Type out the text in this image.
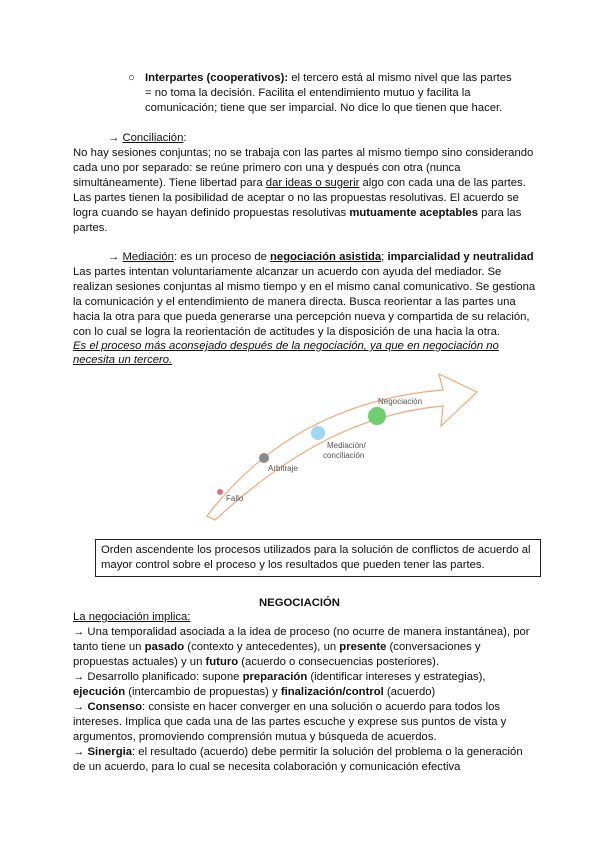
○ Interpartes (cooperativos): el tercero está al mismo nivel que las partes
= no toma la decisión. Facilita el entendimiento mutuo y facilita la
comunicación; tiene que ser imparcial. No dice lo que tienen que hacer.
→ Conciliación:
No hay sesiones conjuntas; no se trabaja con las partes al mismo tiempo sino considerando
cada uno por separado: se reúne primero con una y después con otra (nunca
simultáneamente). Tiene libertad para dar ideas o sugerir algo con cada una de las partes.
Las partes tienen la posibilidad de aceptar o no las propuestas resolutivas. El acuerdo se
logra cuando se hayan definido propuestas resolutivas mutuamente aceptables para las
partes.
→ Mediación: es un proceso de negociación asistida; imparcialidad y neutralidad
Las partes intentan voluntariamente alcanzar un acuerdo con ayuda del mediador. Se
realizan sesiones conjuntas al mismo tiempo y en el mismo canal comunicativo. Se gestiona
la comunicación y el entendimiento de manera directa. Busca reorientar a las partes una
hacia la otra para que pueda generarse una percepción nueva y compartida de su relación,
con lo cual se logra la reorientación de actitudes y la disposición de una hacia la otra.
Es el proceso más aconsejado después de la negociación, ya que en negociación no
necesita un tercero.
Fallo
Arbitraje
Mediación/
conciliación
Negociación
Orden ascendente los procesos utilizados para la solución de conflictos de acuerdo al
mayor control sobre el proceso y los resultados que pueden tener las partes.
NEGOCIACIÓN
La negociación implica:
→ Una temporalidad asociada a la idea de proceso (no ocurre de manera instantánea), por
tanto tiene un pasado (contexto y antecedentes), un presente (conversaciones y
propuestas actuales) y un futuro (acuerdo o consecuencias posteriores).
→ Desarrollo planificado: supone preparación (identificar intereses y estrategias),
ejecución (intercambio de propuestas) y finalización/control (acuerdo)
→ Consenso: consiste en hacer converger en una solución o acuerdo para todos los
intereses. Implica que cada una de las partes escuche y exprese sus puntos de vista y
argumentos, promoviendo comprensión mutua y búsqueda de acuerdos.
→ Sinergia: el resultado (acuerdo) debe permitir la solución del problema o la generación
de un acuerdo, para lo cual se necesita colaboración y comunicación efectiva
